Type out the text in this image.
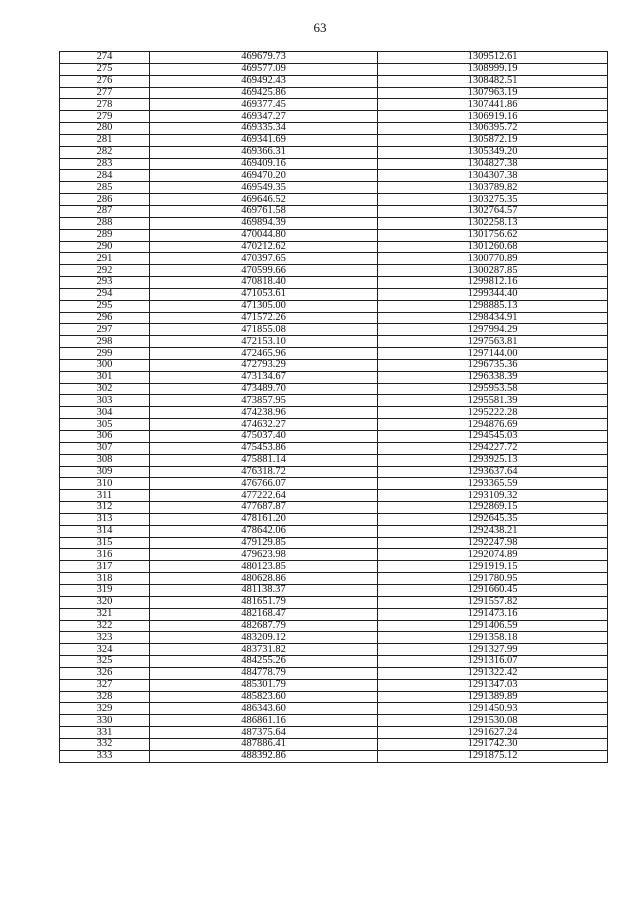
63
274	469679.73	1309512.61
275	469577.09	1308999.19
276	469492.43	1308482.51
277	469425.86	1307963.19
278	469377.45	1307441.86
279	469347.27	1306919.16
280	469335.34	1306395.72
281	469341.69	1305872.19
282	469366.31	1305349.20
283	469409.16	1304827.38
284	469470.20	1304307.38
285	469549.35	1303789.82
286	469646.52	1303275.35
287	469761.58	1302764.57
288	469894.39	1302258.13
289	470044.80	1301756.62
290	470212.62	1301260.68
291	470397.65	1300770.89
292	470599.66	1300287.85
293	470818.40	1299812.16
294	471053.61	1299344.40
295	471305.00	1298885.13
296	471572.26	1298434.91
297	471855.08	1297994.29
298	472153.10	1297563.81
299	472465.96	1297144.00
300	472793.29	1296735.36
301	473134.67	1296338.39
302	473489.70	1295953.58
303	473857.95	1295581.39
304	474238.96	1295222.28
305	474632.27	1294876.69
306	475037.40	1294545.03
307	475453.86	1294227.72
308	475881.14	1293925.13
309	476318.72	1293637.64
310	476766.07	1293365.59
311	477222.64	1293109.32
312	477687.87	1292869.15
313	478161.20	1292645.35
314	478642.06	1292438.21
315	479129.85	1292247.98
316	479623.98	1292074.89
317	480123.85	1291919.15
318	480628.86	1291780.95
319	481138.37	1291660.45
320	481651.79	1291557.82
321	482168.47	1291473.16
322	482687.79	1291406.59
323	483209.12	1291358.18
324	483731.82	1291327.99
325	484255.26	1291316.07
326	484778.79	1291322.42
327	485301.79	1291347.03
328	485823.60	1291389.89
329	486343.60	1291450.93
330	486861.16	1291530.08
331	487375.64	1291627.24
332	487886.41	1291742.30
333	488392.86	1291875.12
